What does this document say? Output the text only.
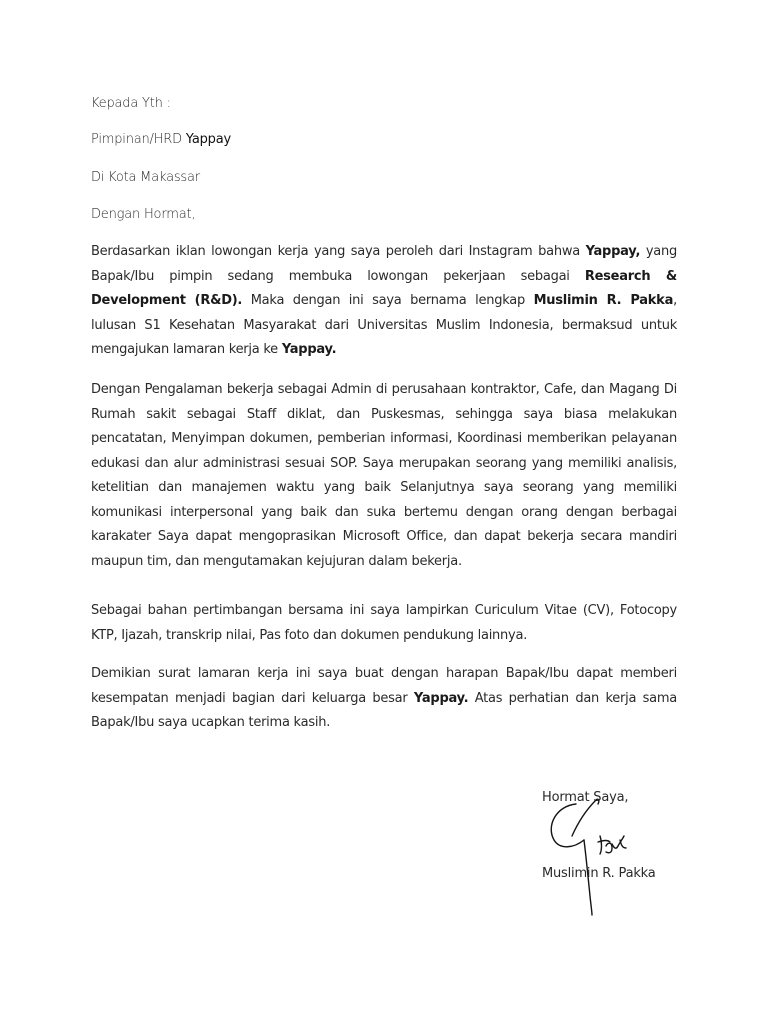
Kepada Yth :
Pimpinan/HRD Yappay
Di Kota Makassar
Dengan Hormat,
Berdasarkan iklan lowongan kerja yang saya peroleh dari Instagram bahwa Yappay, yang Bapak/Ibu pimpin sedang membuka lowongan pekerjaan sebagai Research & Development (R&D). Maka dengan ini saya bernama lengkap Muslimin R. Pakka, lulusan S1 Kesehatan Masyarakat dari Universitas Muslim Indonesia, bermaksud untuk mengajukan lamaran kerja ke Yappay.
Dengan Pengalaman bekerja sebagai Admin di perusahaan kontraktor, Cafe, dan Magang Di Rumah sakit sebagai Staff diklat, dan Puskesmas, sehingga saya biasa melakukan pencatatan, Menyimpan dokumen, pemberian informasi, Koordinasi memberikan pelayanan edukasi dan alur administrasi sesuai SOP. Saya merupakan seorang yang memiliki analisis, ketelitian dan manajemen waktu yang baik Selanjutnya saya seorang yang memiliki komunikasi interpersonal yang baik dan suka bertemu dengan orang dengan berbagai karakater Saya dapat mengoprasikan Microsoft Office, dan dapat bekerja secara mandiri maupun tim, dan mengutamakan kejujuran dalam bekerja.
Sebagai bahan pertimbangan bersama ini saya lampirkan Curiculum Vitae (CV), Fotocopy KTP, Ijazah, transkrip nilai, Pas foto dan dokumen pendukung lainnya.
Demikian surat lamaran kerja ini saya buat dengan harapan Bapak/Ibu dapat memberi kesempatan menjadi bagian dari keluarga besar Yappay. Atas perhatian dan kerja sama Bapak/Ibu saya ucapkan terima kasih.
Hormat Saya,
Muslimin R. Pakka
